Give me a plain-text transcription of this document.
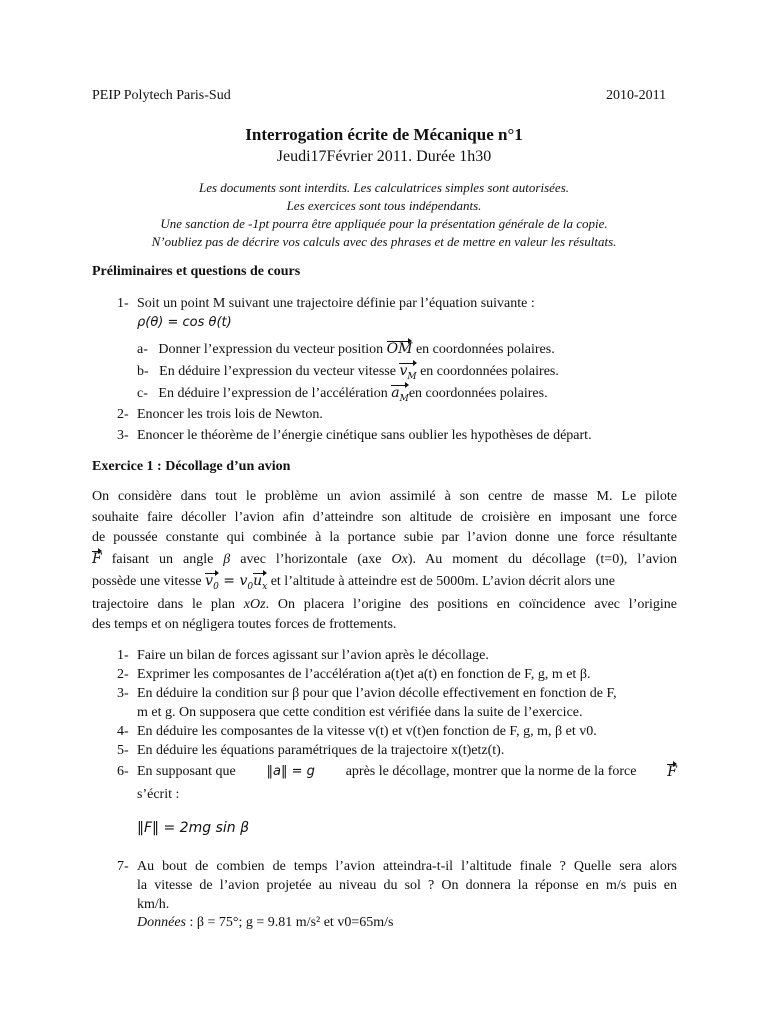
PEIP Polytech Paris-Sud	2010-2011
Interrogation écrite de Mécanique n°1
Jeudi17Février 2011. Durée 1h30
Les documents sont interdits. Les calculatrices simples sont autorisées.
Les exercices sont tous indépendants.
Une sanction de -1pt pourra être appliquée pour la présentation générale de la copie.
N’oubliez pas de décrire vos calculs avec des phrases et de mettre en valeur les résultats.
Préliminaires et questions de cours
1- Soit un point M suivant une trajectoire définie par l’équation suivante :
ρ(θ) = cos θ(t)
a- Donner l’expression du vecteur position OM en coordonnées polaires.
b- En déduire l’expression du vecteur vitesse $v_M$ en coordonnées polaires.
c- En déduire l’expression de l’accélération $a_Men$ coordonnées polaires.
2- Enoncer les trois lois de Newton.
3- Enoncer le théorème de l’énergie cinétique sans oublier les hypothèses de départ.
Exercice 1 : Décollage d’un avion
On considère dans tout le problème un avion assimilé à son centre de masse M. Le pilote
souhaite faire décoller l’avion afin d’atteindre son altitude de croisière en imposant une force
de poussée constante qui combinée à la portance subie par l’avion donne une force résultante
F faisant un angle β avec l’horizontale (axe Ox). Au moment du décollage (t=0), l’avion
possède une vitesse $v_0 = v_0u_x$ et l’altitude à atteindre est de 5000m. L’avion décrit alors une
trajectoire dans le plan xOz. On placera l’origine des positions en coïncidence avec l’origine
des temps et on négligera toutes forces de frottements.
1- Faire un bilan de forces agissant sur l’avion après le décollage.
2- Exprimer les composantes de l’accélération a(t)et a(t) en fonction de F, g, m et β.
3- En déduire la condition sur β pour que l’avion décolle effectivement en fonction de F,
m et g. On supposera que cette condition est vérifiée dans la suite de l’exercice.
4- En déduire les composantes de la vitesse v(t) et v(t)en fonction de F, g, m, β et v0.
5- En déduire les équations paramétriques de la trajectoire x(t)etz(t).
6- En supposant que ‖a‖ = g après le décollage, montrer que la norme de la force F
s’écrit :
‖F‖ = 2mg sin β
7- Au bout de combien de temps l’avion atteindra-t-il l’altitude finale ? Quelle sera alors
la vitesse de l’avion projetée au niveau du sol ? On donnera la réponse en m/s puis en
km/h.
Données : β = 75°; g = 9.81 m/s² et v0=65m/s
